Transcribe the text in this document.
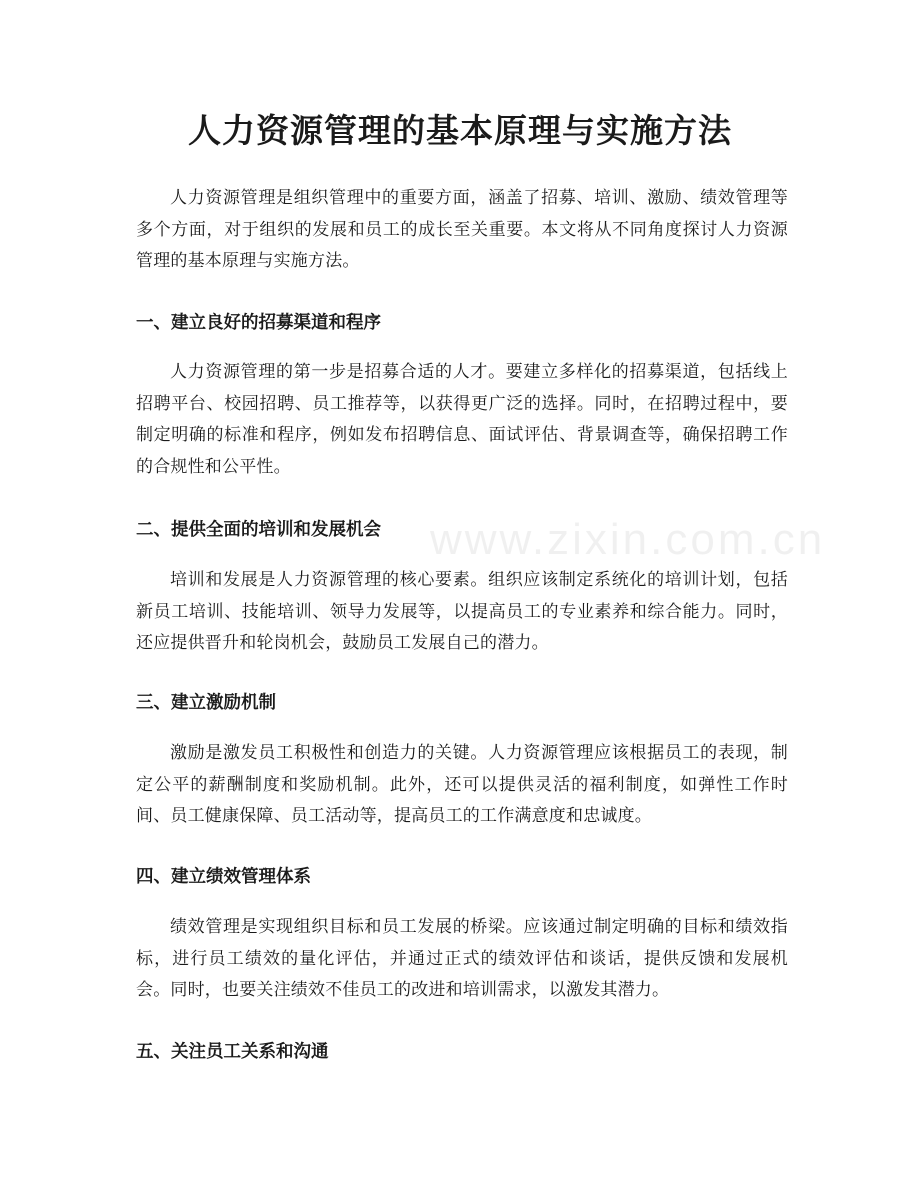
www.zixin.com.cn
人力资源管理的基本原理与实施方法
人力资源管理是组织管理中的重要方面，涵盖了招募、培训、激励、绩效管理等多个方面，对于组织的发展和员工的成长至关重要。本文将从不同角度探讨人力资源管理的基本原理与实施方法。
一、建立良好的招募渠道和程序
人力资源管理的第一步是招募合适的人才。要建立多样化的招募渠道，包括线上招聘平台、校园招聘、员工推荐等，以获得更广泛的选择。同时，在招聘过程中，要制定明确的标准和程序，例如发布招聘信息、面试评估、背景调查等，确保招聘工作的合规性和公平性。
二、提供全面的培训和发展机会
培训和发展是人力资源管理的核心要素。组织应该制定系统化的培训计划，包括新员工培训、技能培训、领导力发展等，以提高员工的专业素养和综合能力。同时，还应提供晋升和轮岗机会，鼓励员工发展自己的潜力。
三、建立激励机制
激励是激发员工积极性和创造力的关键。人力资源管理应该根据员工的表现，制定公平的薪酬制度和奖励机制。此外，还可以提供灵活的福利制度，如弹性工作时间、员工健康保障、员工活动等，提高员工的工作满意度和忠诚度。
四、建立绩效管理体系
绩效管理是实现组织目标和员工发展的桥梁。应该通过制定明确的目标和绩效指标，进行员工绩效的量化评估，并通过正式的绩效评估和谈话，提供反馈和发展机会。同时，也要关注绩效不佳员工的改进和培训需求，以激发其潜力。
五、关注员工关系和沟通
